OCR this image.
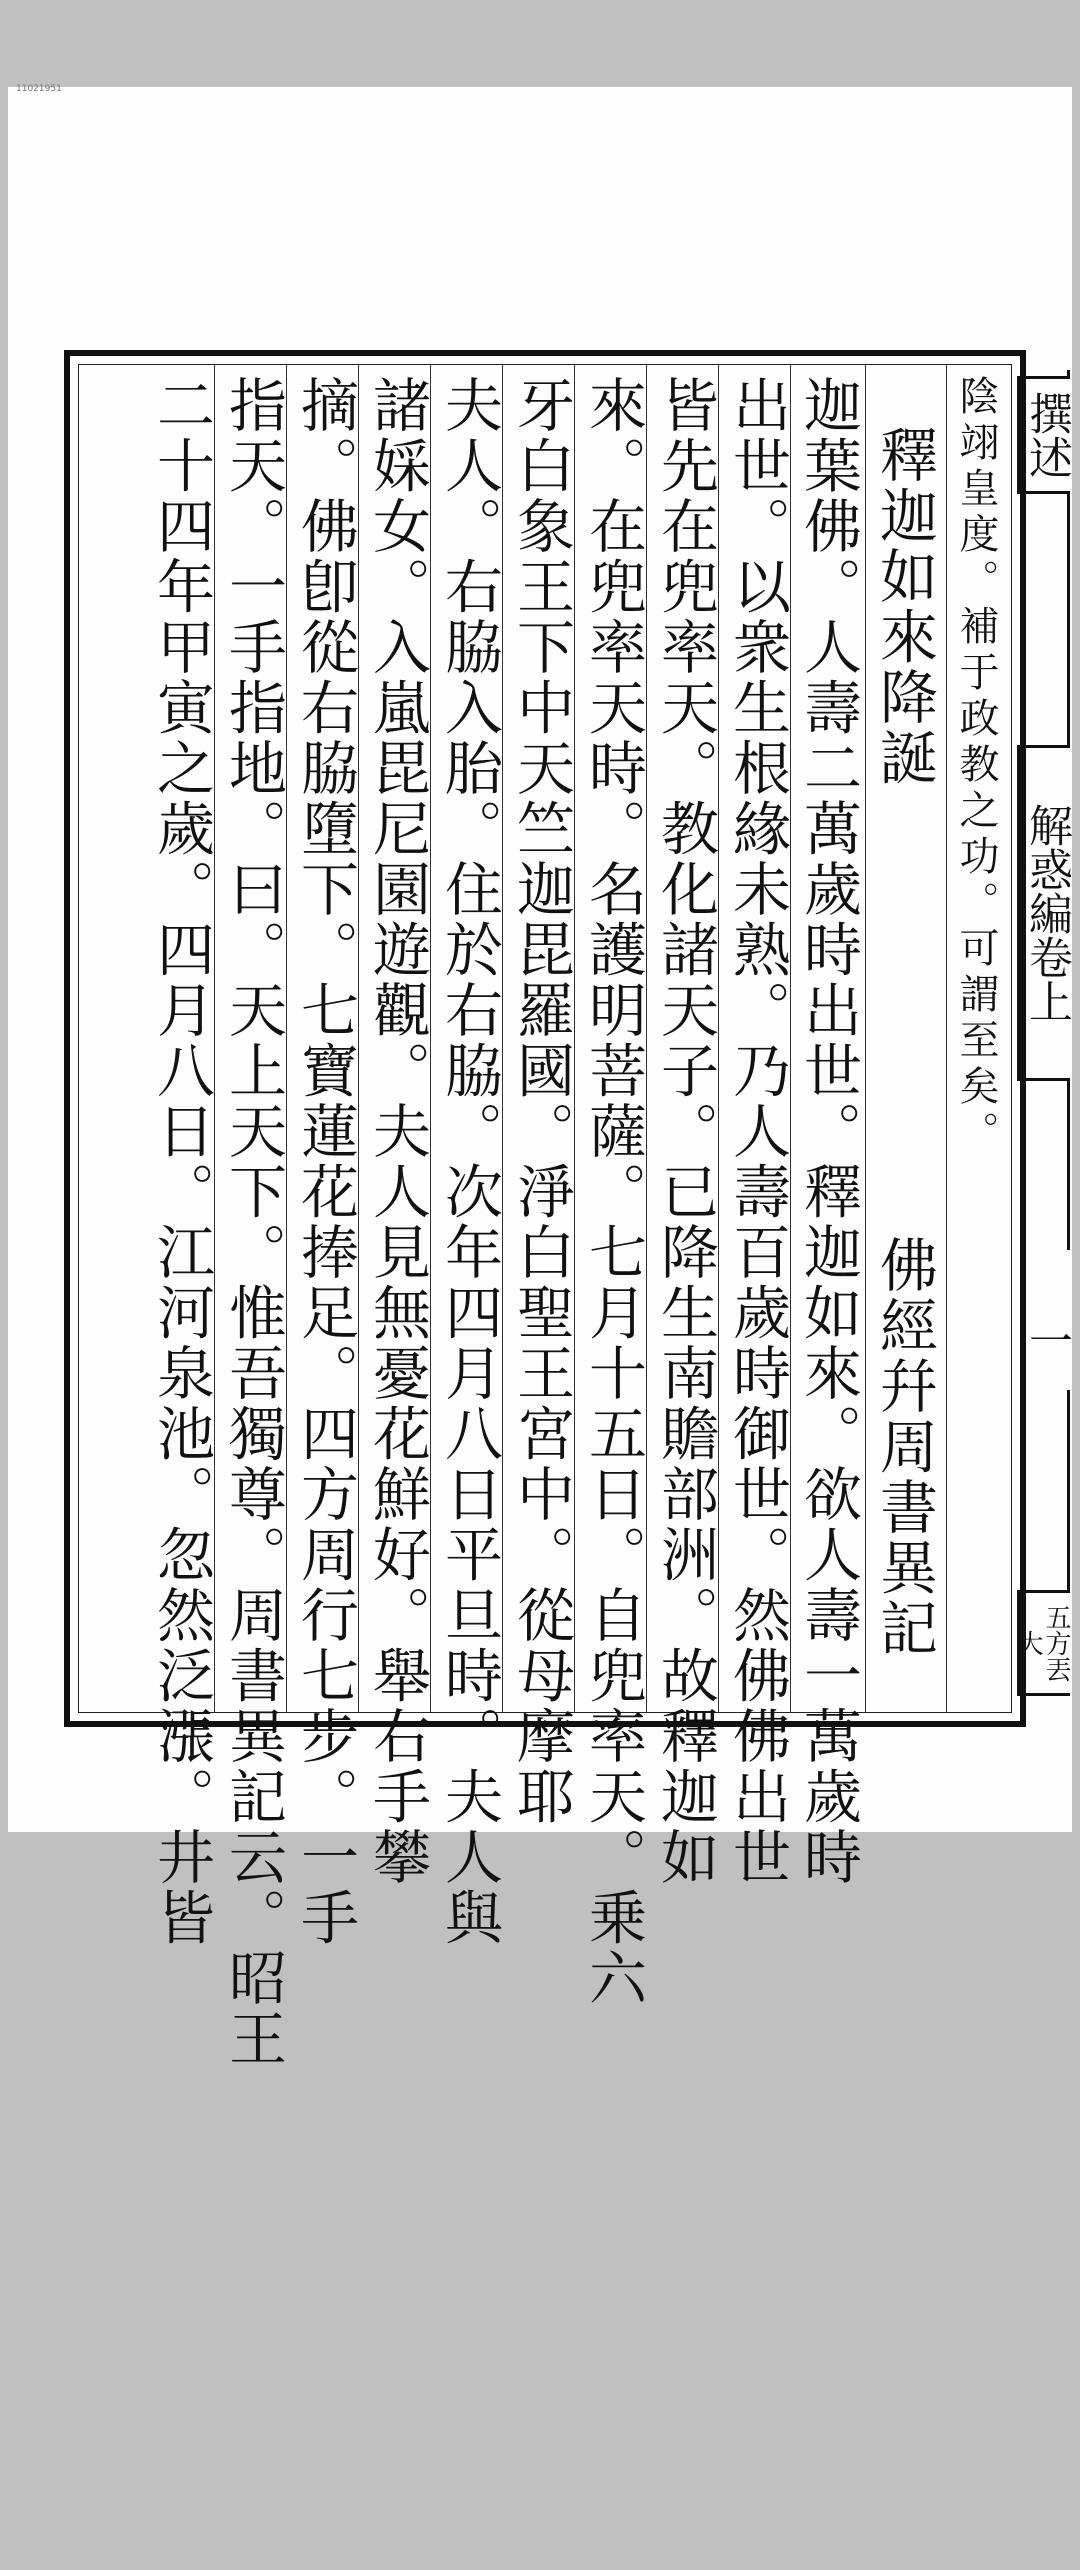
11021951
撰述
解惑編卷上
一
五方丟大
陰翊皇度。補于政教之功。可謂至矣。
釋迦如來降誕
佛經幷周書異記
迦葉佛。人壽二萬歲時出世。釋迦如來。欲人壽一萬歲時
出世。以衆生根緣未熟。乃人壽百歲時御世。然佛佛出世
皆先在兜率天。教化諸天子。已降生南贍部洲。故釋迦如
來。在兜率天時。名護明菩薩。七月十五日。自兜率天。乗六
牙白象王下中天竺迦毘羅國。淨白聖王宮中。從母摩耶
夫人。右脇入胎。住於右脇。次年四月八日平旦時。夫人與
諸婇女。入嵐毘尼園遊觀。夫人見無憂花鮮好。舉右手攀
摘。佛卽從右脇墮下。七寶蓮花捧足。四方周行七步。一手
指天。一手指地。曰。天上天下。惟吾獨尊。周書異記云。昭王
二十四年甲寅之歲。四月八日。江河泉池。忽然泛漲。井皆
